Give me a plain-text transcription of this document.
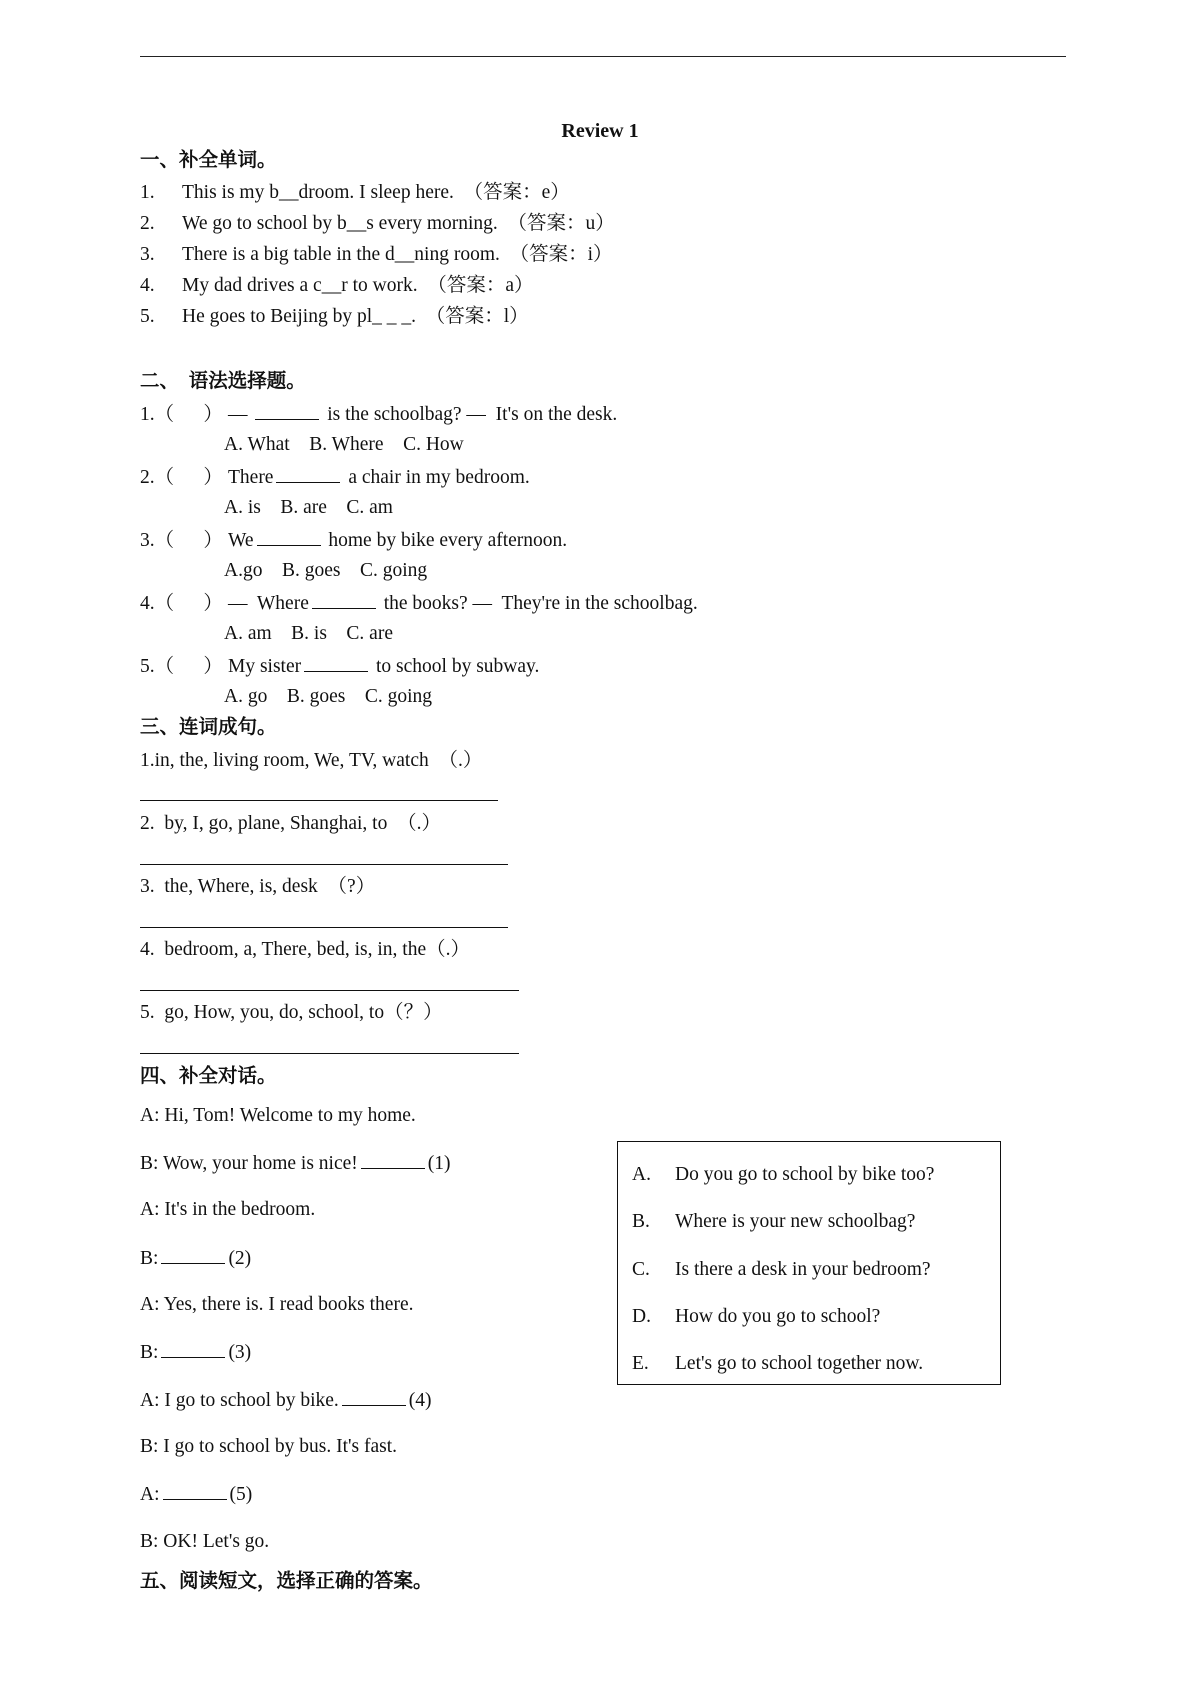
Review 1
一、补全单词。
1. This is my b__droom. I sleep here.  （答案：e）
2. We go to school by b__s every morning.  （答案：u）
3. There is a big table in the d__ning room.  （答案：i）
4. My dad drives a c__r to work.  （答案：a）
5. He goes to Beijing by pl_ _ _.  （答案：l）
二、  语法选择题。
1.（ ） —	is the schoolbag? —  It's on the desk.
A. What    B. Where    C. How
2.（ ） There	a chair in my bedroom.
A. is    B. are    C. am
3.（ ） We	home by bike every afternoon.
A.go    B. goes    C. going
4.（ ） —  Where	the books? —  They're in the schoolbag.
A. am    B. is    C. are
5.（ ） My sister	to school by subway.
A. go    B. goes    C. going
三、连词成句。
1.in, the, living room, We, TV, watch  （.）
2.  by, I, go, plane, Shanghai, to  （.）
3.  the, Where, is, desk  （?）
4.  bedroom, a, There, bed, is, in, the（.）
5.  go, How, you, do, school, to（？）
四、补全对话。
A: Hi, Tom! Welcome to my home.
B: Wow, your home is nice!	(1)
A: It's in the bedroom.
B:	(2)
A: Yes, there is. I read books there.
B:	(3)
A: I go to school by bike.	(4)
B: I go to school by bus. It's fast.
A:	(5)
B: OK! Let's go.
A. Do you go to school by bike too?
B. Where is your new schoolbag?
C. Is there a desk in your bedroom?
D. How do you go to school?
E. Let's go to school together now.
五、阅读短文，选择正确的答案。
